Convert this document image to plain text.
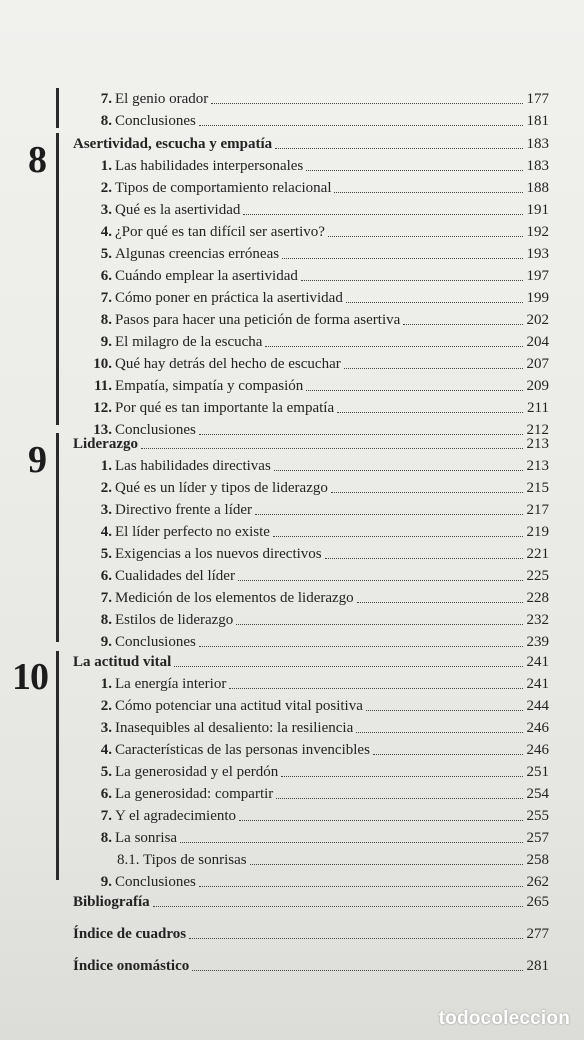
7. El genio orador	177
8. Conclusiones	181
8 Asertividad, escucha y empatía	183
1. Las habilidades interpersonales	183
2. Tipos de comportamiento relacional	188
3. Qué es la asertividad	191
4. ¿Por qué es tan difícil ser asertivo?	192
5. Algunas creencias erróneas	193
6. Cuándo emplear la asertividad	197
7. Cómo poner en práctica la asertividad	199
8. Pasos para hacer una petición de forma asertiva	202
9. El milagro de la escucha	204
10. Qué hay detrás del hecho de escuchar	207
11. Empatía, simpatía y compasión	209
12. Por qué es tan importante la empatía	211
13. Conclusiones	212
9 Liderazgo	213
1. Las habilidades directivas	213
2. Qué es un líder y tipos de liderazgo	215
3. Directivo frente a líder	217
4. El líder perfecto no existe	219
5. Exigencias a los nuevos directivos	221
6. Cualidades del líder	225
7. Medición de los elementos de liderazgo	228
8. Estilos de liderazgo	232
9. Conclusiones	239
10 La actitud vital	241
1. La energía interior	241
2. Cómo potenciar una actitud vital positiva	244
3. Inasequibles al desaliento: la resiliencia	246
4. Características de las personas invencibles	246
5. La generosidad y el perdón	251
6. La generosidad: compartir	254
7. Y el agradecimiento	255
8. La sonrisa	257
8.1. Tipos de sonrisas	258
9. Conclusiones	262
Bibliografía	265
Índice de cuadros	277
Índice onomástico	281
todocoleccion
